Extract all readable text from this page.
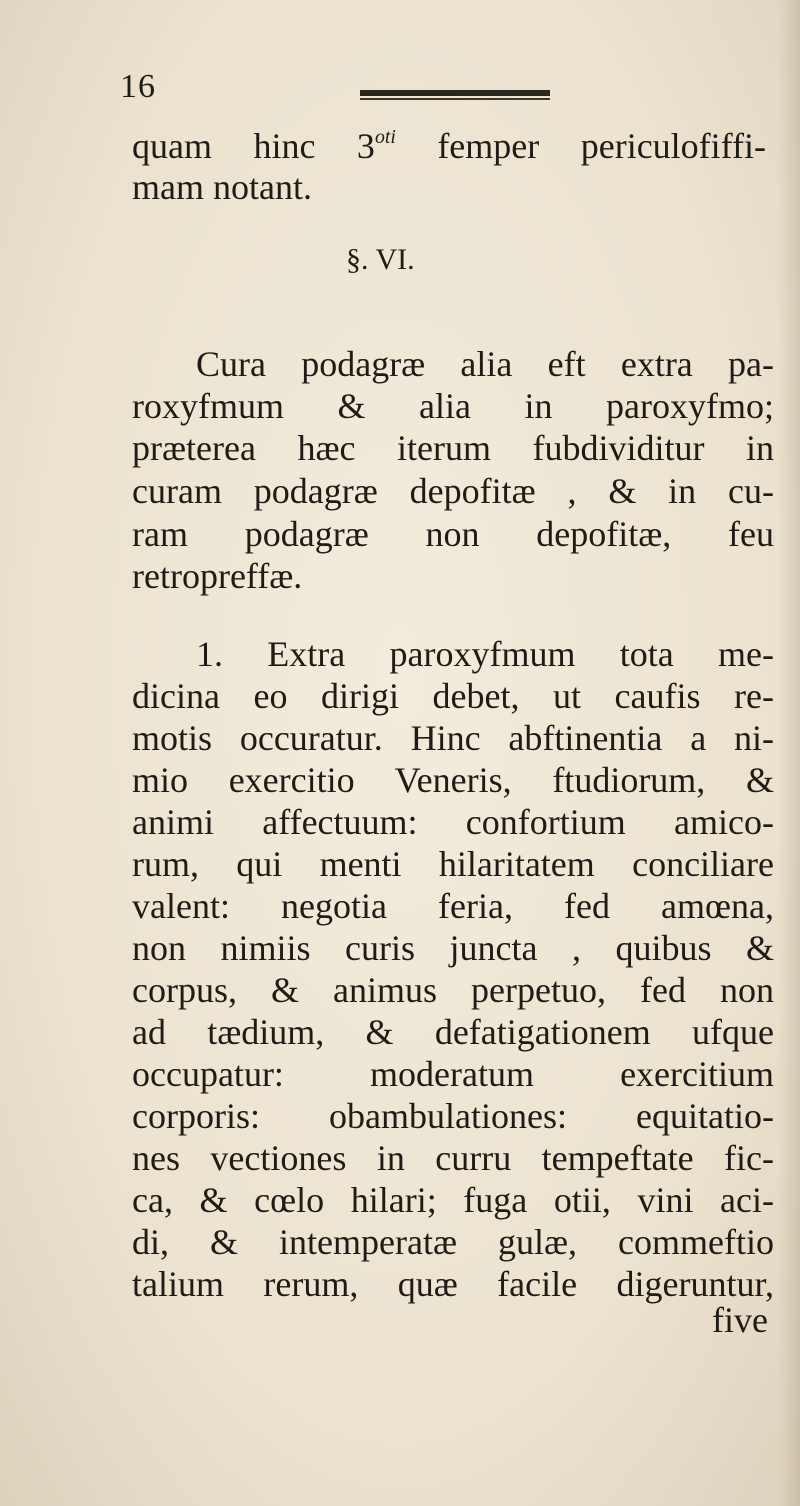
16
quam hinc $3^{oti}$ femper periculofiffi-
mam notant.
§. VI.
Cura podagræ alia eft extra pa-
roxyfmum & alia in paroxyfmo;
præterea hæc iterum fubdividitur in
curam podagræ depofitæ , & in cu-
ram podagræ non depofitæ, feu
retropreffæ.
1. Extra paroxyfmum tota me-
dicina eo dirigi debet, ut caufis re-
motis occuratur. Hinc abftinentia a ni-
mio exercitio Veneris, ftudiorum, &
animi affectuum: confortium amico-
rum, qui menti hilaritatem conciliare
valent: negotia feria, fed amœna,
non nimiis curis juncta , quibus &
corpus, & animus perpetuo, fed non
ad tædium, & defatigationem ufque
occupatur: moderatum exercitium
corporis: obambulationes: equitatio-
nes vectiones in curru tempeftate fic-
ca, & cœlo hilari; fuga otii, vini aci-
di, & intemperatæ gulæ, commeftio
talium rerum, quæ facile digeruntur,
five
